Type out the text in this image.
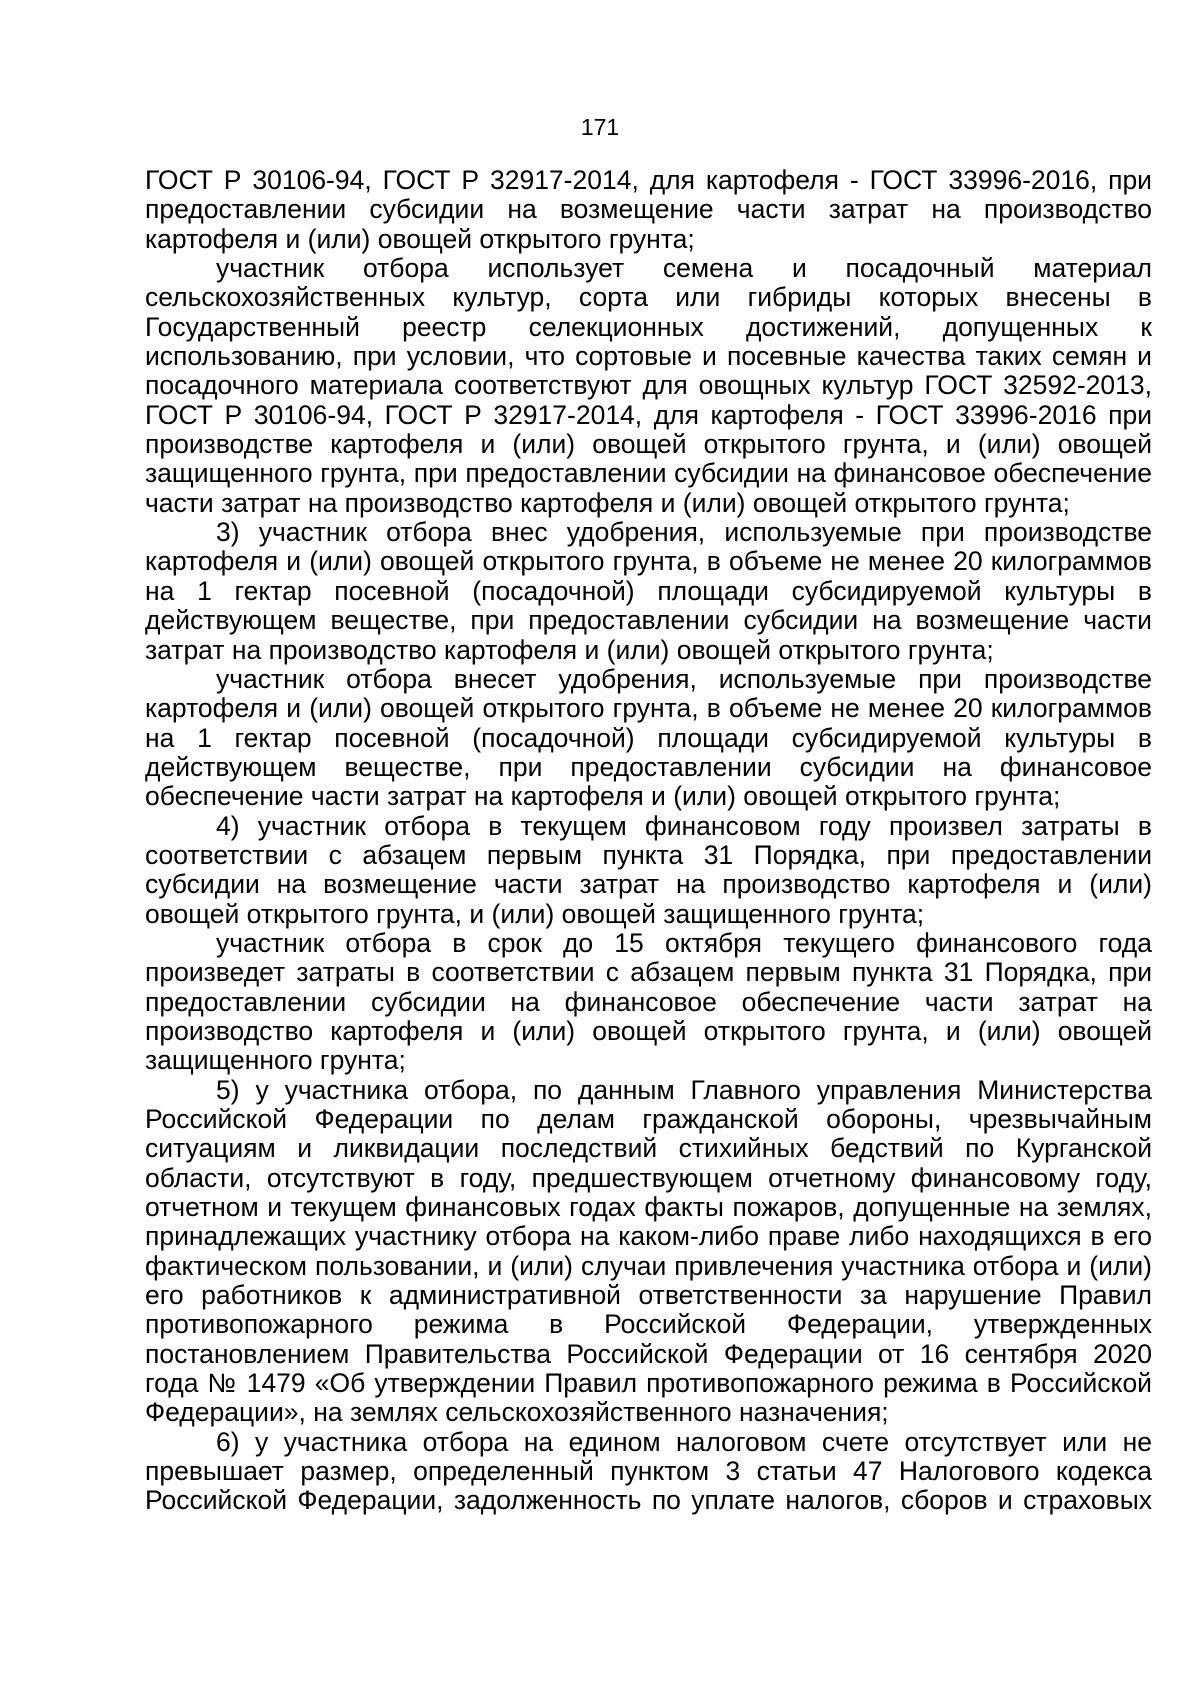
171

ГОСТ Р 30106-94, ГОСТ Р 32917-2014, для картофеля - ГОСТ 33996-2016, при предоставлении субсидии на возмещение части затрат на производство картофеля и (или) овощей открытого грунта;

участник отбора использует семена и посадочный материал сельскохозяйственных культур, сорта или гибриды которых внесены в Государственный реестр селекционных достижений, допущенных к использованию, при условии, что сортовые и посевные качества таких семян и посадочного материала соответствуют для овощных культур ГОСТ 32592-2013, ГОСТ Р 30106-94, ГОСТ Р 32917-2014, для картофеля - ГОСТ 33996-2016 при производстве картофеля и (или) овощей открытого грунта, и (или) овощей защищенного грунта, при предоставлении субсидии на финансовое обеспечение части затрат на производство картофеля и (или) овощей открытого грунта;

3) участник отбора внес удобрения, используемые при производстве картофеля и (или) овощей открытого грунта, в объеме не менее 20 килограммов на 1 гектар посевной (посадочной) площади субсидируемой культуры в действующем веществе, при предоставлении субсидии на возмещение части затрат на производство картофеля и (или) овощей открытого грунта;

участник отбора внесет удобрения, используемые при производстве картофеля и (или) овощей открытого грунта, в объеме не менее 20 килограммов на 1 гектар посевной (посадочной) площади субсидируемой культуры в действующем веществе, при предоставлении субсидии на финансовое обеспечение части затрат на картофеля и (или) овощей открытого грунта;

4) участник отбора в текущем финансовом году произвел затраты в соответствии с абзацем первым пункта 31 Порядка, при предоставлении субсидии на возмещение части затрат на производство картофеля и (или) овощей открытого грунта, и (или) овощей защищенного грунта;

участник отбора в срок до 15 октября текущего финансового года произведет затраты в соответствии с абзацем первым пункта 31 Порядка, при предоставлении субсидии на финансовое обеспечение части затрат на производство картофеля и (или) овощей открытого грунта, и (или) овощей защищенного грунта;

5) у участника отбора, по данным Главного управления Министерства Российской Федерации по делам гражданской обороны, чрезвычайным ситуациям и ликвидации последствий стихийных бедствий по Курганской области, отсутствуют в году, предшествующем отчетному финансовому году, отчетном и текущем финансовых годах факты пожаров, допущенные на землях, принадлежащих участнику отбора на каком-либо праве либо находящихся в его фактическом пользовании, и (или) случаи привлечения участника отбора и (или) его работников к административной ответственности за нарушение Правил противопожарного режима в Российской Федерации, утвержденных постановлением Правительства Российской Федерации от 16 сентября 2020 года № 1479 «Об утверждении Правил противопожарного режима в Российской Федерации», на землях сельскохозяйственного назначения;

6) у участника отбора на едином налоговом счете отсутствует или не превышает размер, определенный пунктом 3 статьи 47 Налогового кодекса Российской Федерации, задолженность по уплате налогов, сборов и страховых
